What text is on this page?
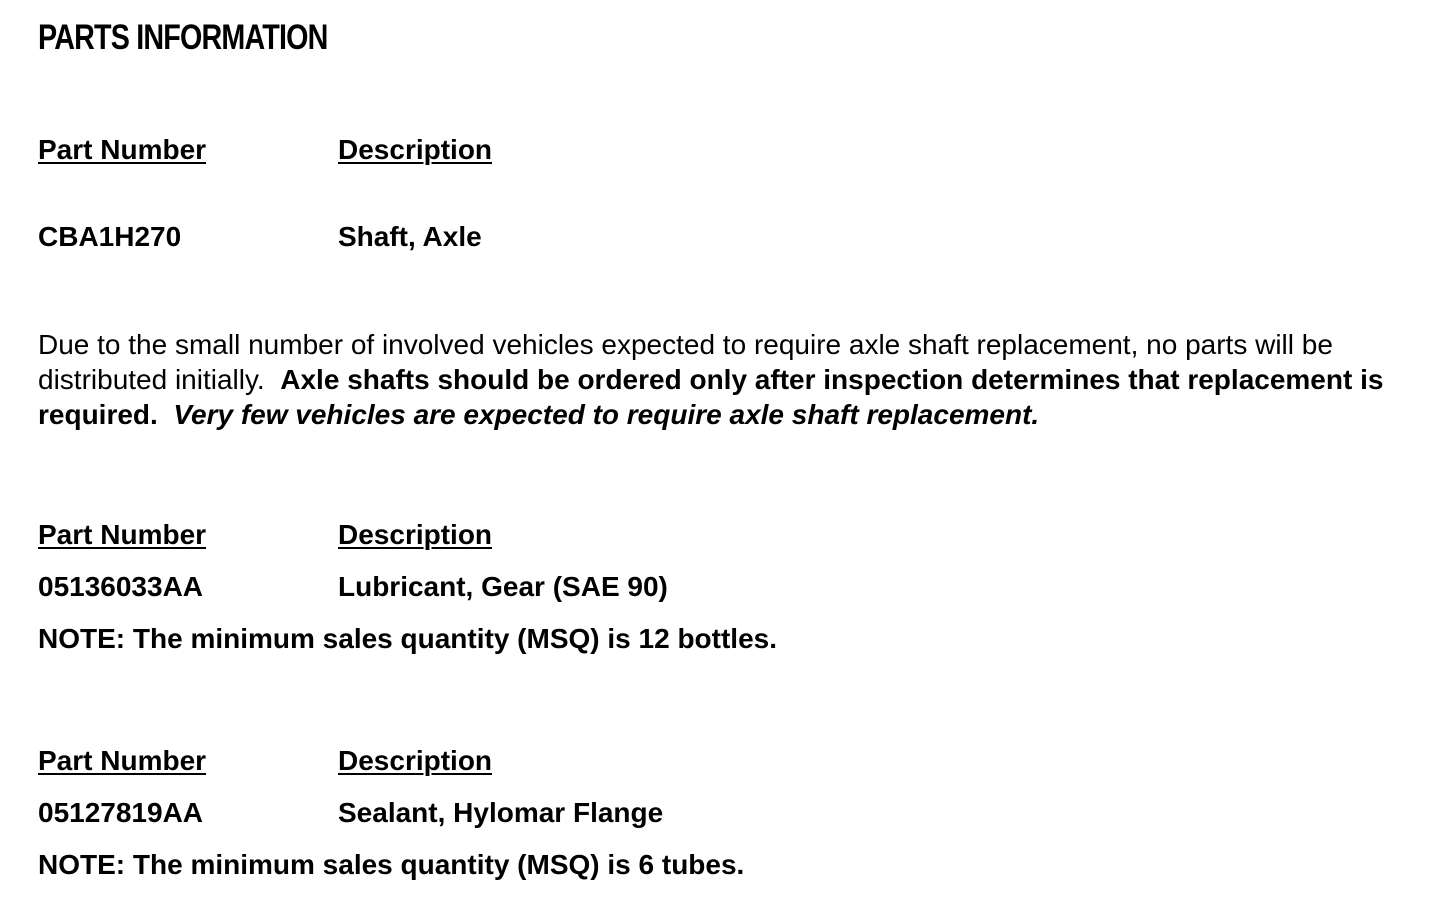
PARTS INFORMATION
Part Number	Description
CBA1H270	Shaft, Axle
Due to the small number of involved vehicles expected to require axle shaft replacement, no parts will be distributed initially. Axle shafts should be ordered only after inspection determines that replacement is required. Very few vehicles are expected to require axle shaft replacement.
Part Number	Description
05136033AA	Lubricant, Gear (SAE 90)
NOTE: The minimum sales quantity (MSQ) is 12 bottles.
Part Number	Description
05127819AA	Sealant, Hylomar Flange
NOTE: The minimum sales quantity (MSQ) is 6 tubes.
